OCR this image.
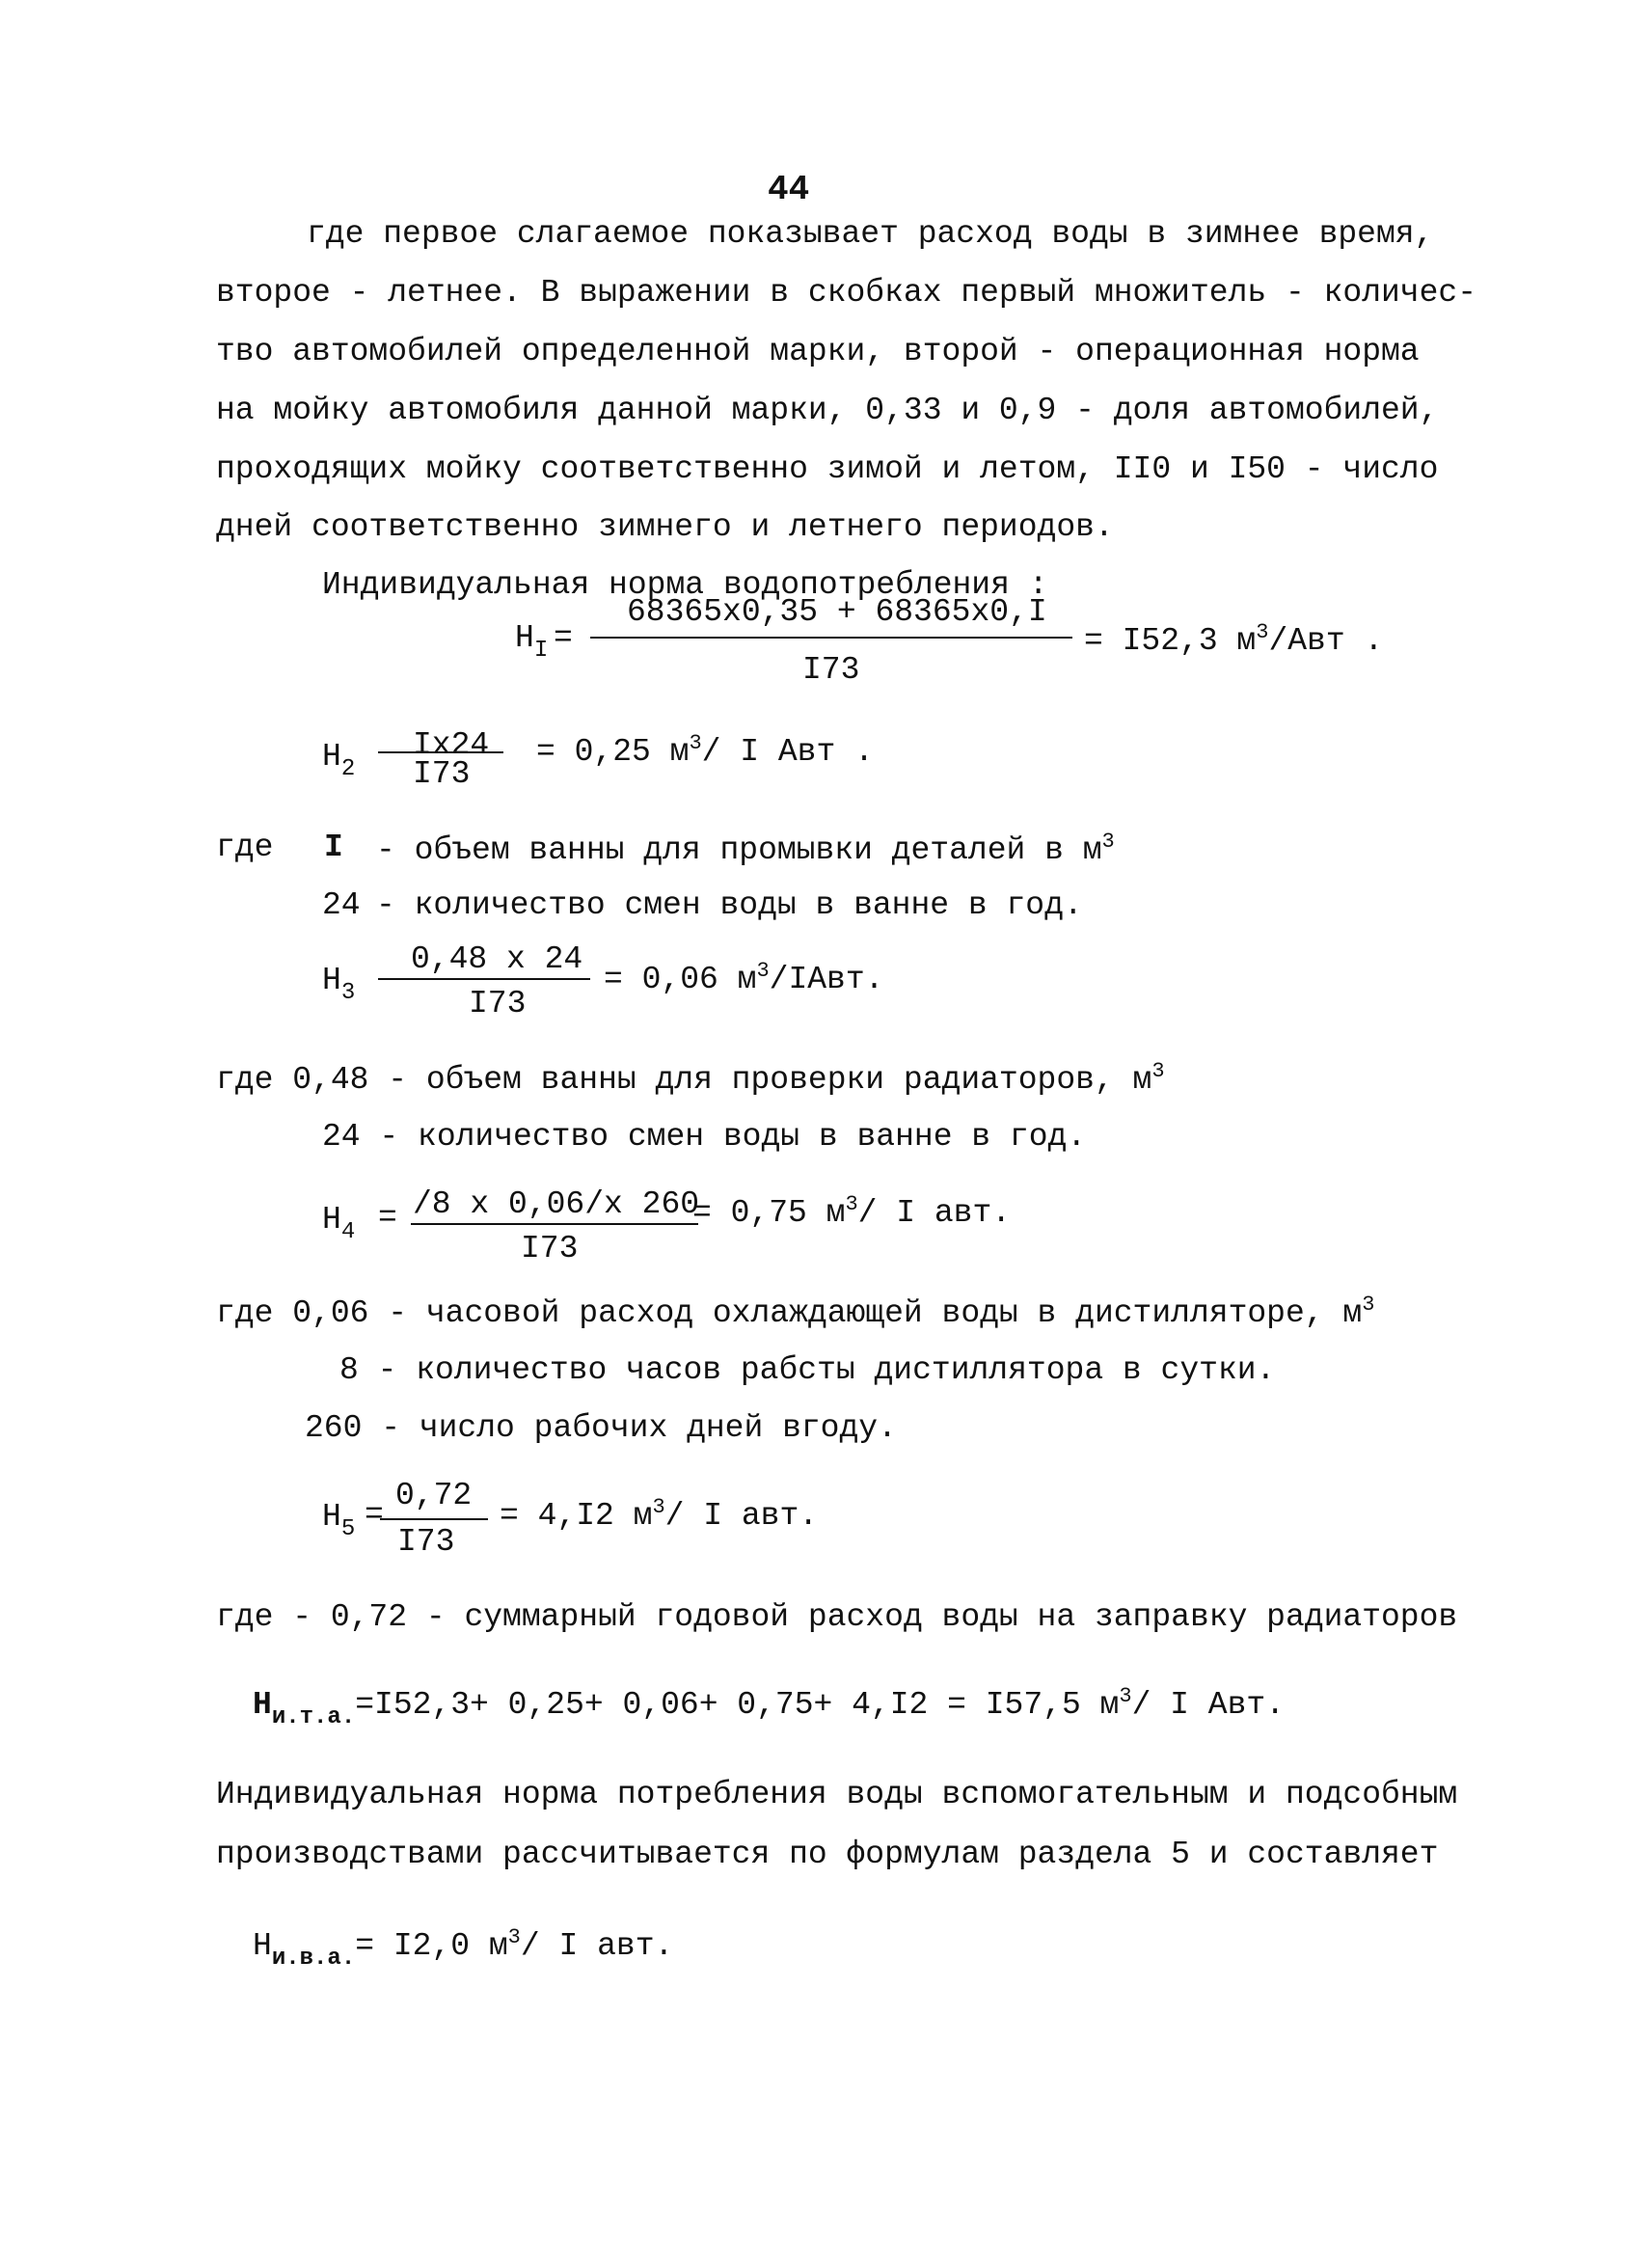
44
где первое слагаемое показывает расход воды в зимнее время,
второе - летнее. В выражении в скобках первый множитель - количес-
тво автомобилей определенной марки, второй - операционная норма
на мойку автомобиля данной марки, 0,33 и 0,9 - доля автомобилей,
проходящих мойку соответственно зимой и летом, II0 и I50 - число
дней соответственно зимнего и летнего периодов.
Индивидуальная норма водопотребления :
$Н_I$ =
68365х0,35 + 68365х0,I
I73
= I52,3 $м^3$/Авт .
$Н_2$
Iх24
I73
= 0,25 $м^3/$ I Авт .
где I - объем ванны для промывки деталей в $м^3$
24 - количество смен воды в ванне в год.
$Н_3$
0,48 х 24
I73
= 0,06 $м^3$/IАвт.
где 0,48 - объем ванны для проверки радиаторов, $м^3$
24 - количество смен воды в ванне в год.
$Н_4 = /8$ х 0,06/х 260
I73
= 0,75 $м^3/$ I авт.
где 0,06 - часовой расход охлаждающей воды в дистилляторе, $м^3$
8 - количество часов рабсты дистиллятора в сутки.
260 - число рабочих дней вгоду.
$Н_5$ =
0,72
I73
= 4,I2 $м^3/$ I авт.
где - 0,72 - суммарный годовой расход воды на заправку радиаторов
$Н_{и.т.а.}=I52,3+ 0,25+ 0,06+ 0,75+ 4,I2 = I57,5$ $м^3/$ I Авт.
Индивидуальная норма потребления воды вспомогательным и подсобным
производствами рассчитывается по формулам раздела 5 и составляет
$Н_{и.в.а.}= I2,0$ $м^3/$ I авт.
